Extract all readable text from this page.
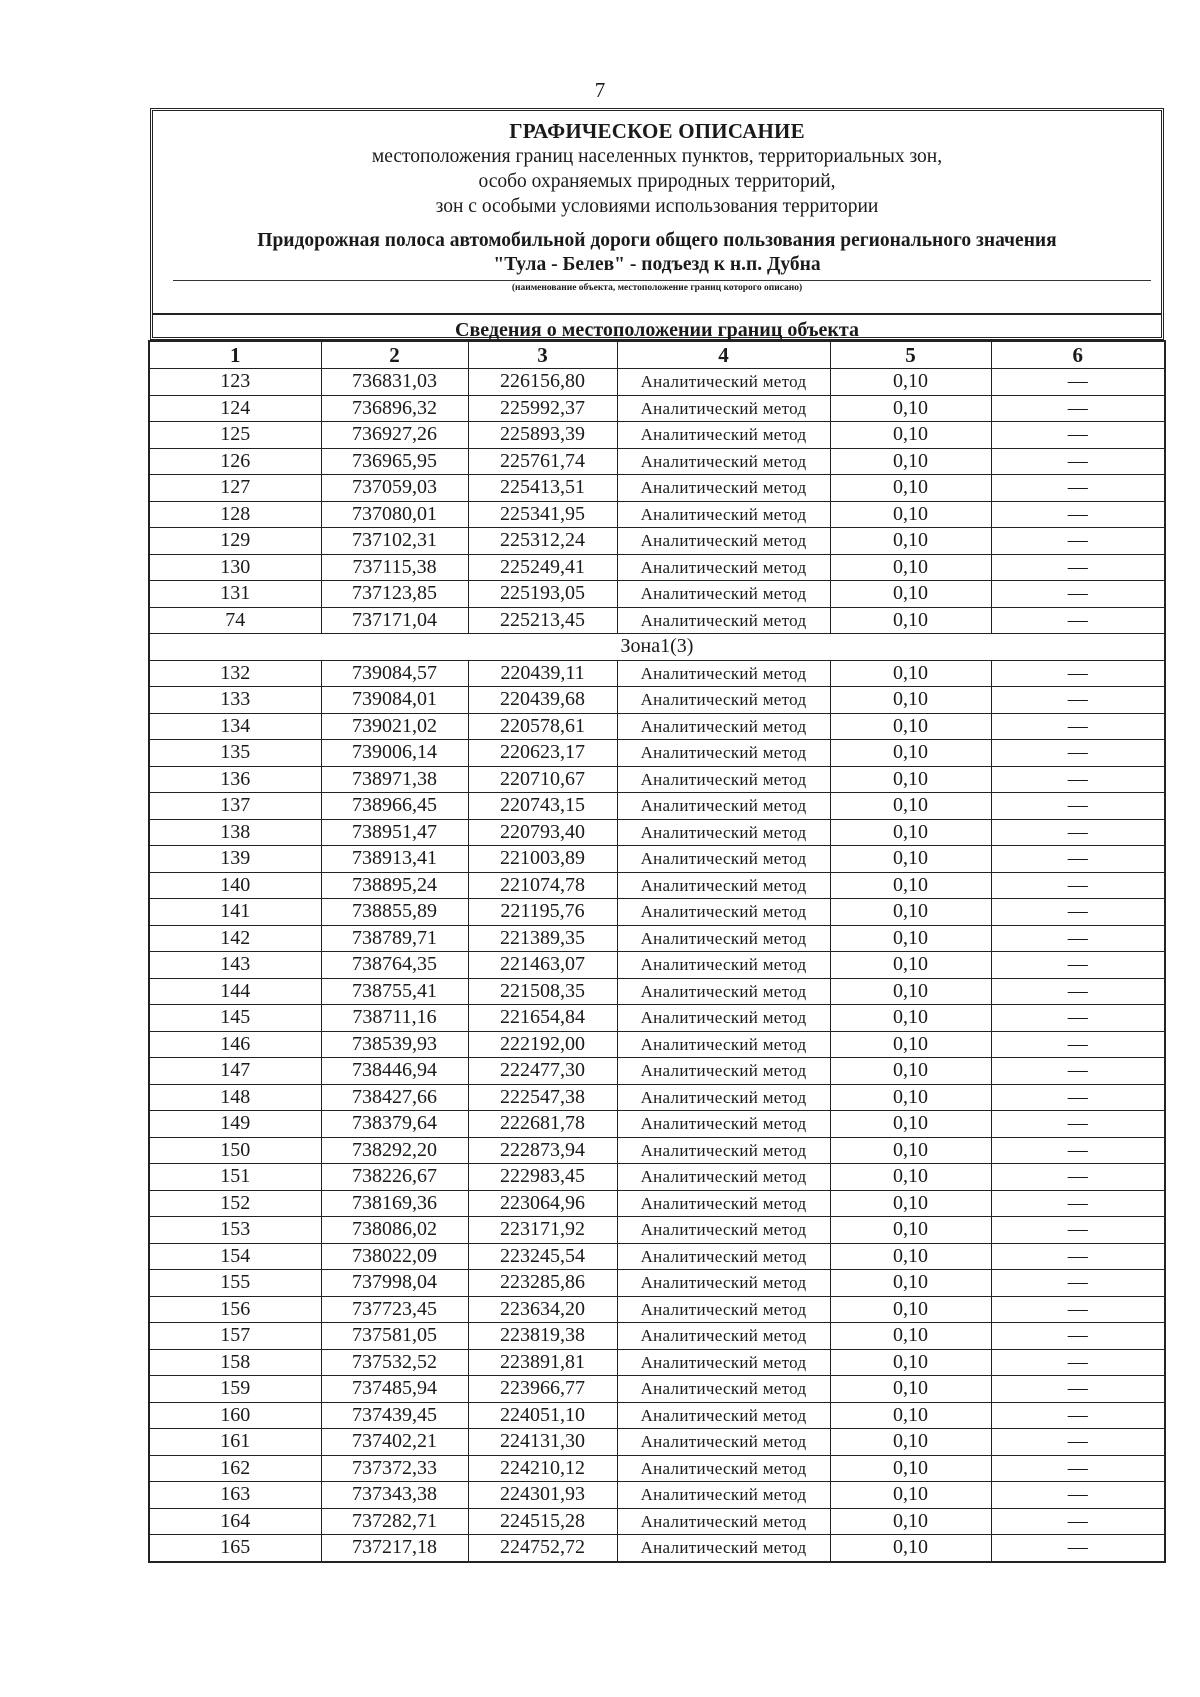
7
ГРАФИЧЕСКОЕ ОПИСАНИЕ
местоположения границ населенных пунктов, территориальных зон,
особо охраняемых природных территорий,
зон с особыми условиями использования территории
Придорожная полоса автомобильной дороги общего пользования регионального значения
"Тула - Белев" - подъезд к н.п. Дубна
(наименование объекта, местоположение границ которого описано)
Сведения о местоположении границ объекта
1	2	3	4	5	6
123	736831,03	226156,80	Аналитический метод	0,10	—
124	736896,32	225992,37	Аналитический метод	0,10	—
125	736927,26	225893,39	Аналитический метод	0,10	—
126	736965,95	225761,74	Аналитический метод	0,10	—
127	737059,03	225413,51	Аналитический метод	0,10	—
128	737080,01	225341,95	Аналитический метод	0,10	—
129	737102,31	225312,24	Аналитический метод	0,10	—
130	737115,38	225249,41	Аналитический метод	0,10	—
131	737123,85	225193,05	Аналитический метод	0,10	—
74	737171,04	225213,45	Аналитический метод	0,10	—
Зона1(3)					
132	739084,57	220439,11	Аналитический метод	0,10	—
133	739084,01	220439,68	Аналитический метод	0,10	—
134	739021,02	220578,61	Аналитический метод	0,10	—
135	739006,14	220623,17	Аналитический метод	0,10	—
136	738971,38	220710,67	Аналитический метод	0,10	—
137	738966,45	220743,15	Аналитический метод	0,10	—
138	738951,47	220793,40	Аналитический метод	0,10	—
139	738913,41	221003,89	Аналитический метод	0,10	—
140	738895,24	221074,78	Аналитический метод	0,10	—
141	738855,89	221195,76	Аналитический метод	0,10	—
142	738789,71	221389,35	Аналитический метод	0,10	—
143	738764,35	221463,07	Аналитический метод	0,10	—
144	738755,41	221508,35	Аналитический метод	0,10	—
145	738711,16	221654,84	Аналитический метод	0,10	—
146	738539,93	222192,00	Аналитический метод	0,10	—
147	738446,94	222477,30	Аналитический метод	0,10	—
148	738427,66	222547,38	Аналитический метод	0,10	—
149	738379,64	222681,78	Аналитический метод	0,10	—
150	738292,20	222873,94	Аналитический метод	0,10	—
151	738226,67	222983,45	Аналитический метод	0,10	—
152	738169,36	223064,96	Аналитический метод	0,10	—
153	738086,02	223171,92	Аналитический метод	0,10	—
154	738022,09	223245,54	Аналитический метод	0,10	—
155	737998,04	223285,86	Аналитический метод	0,10	—
156	737723,45	223634,20	Аналитический метод	0,10	—
157	737581,05	223819,38	Аналитический метод	0,10	—
158	737532,52	223891,81	Аналитический метод	0,10	—
159	737485,94	223966,77	Аналитический метод	0,10	—
160	737439,45	224051,10	Аналитический метод	0,10	—
161	737402,21	224131,30	Аналитический метод	0,10	—
162	737372,33	224210,12	Аналитический метод	0,10	—
163	737343,38	224301,93	Аналитический метод	0,10	—
164	737282,71	224515,28	Аналитический метод	0,10	—
165	737217,18	224752,72	Аналитический метод	0,10	—
